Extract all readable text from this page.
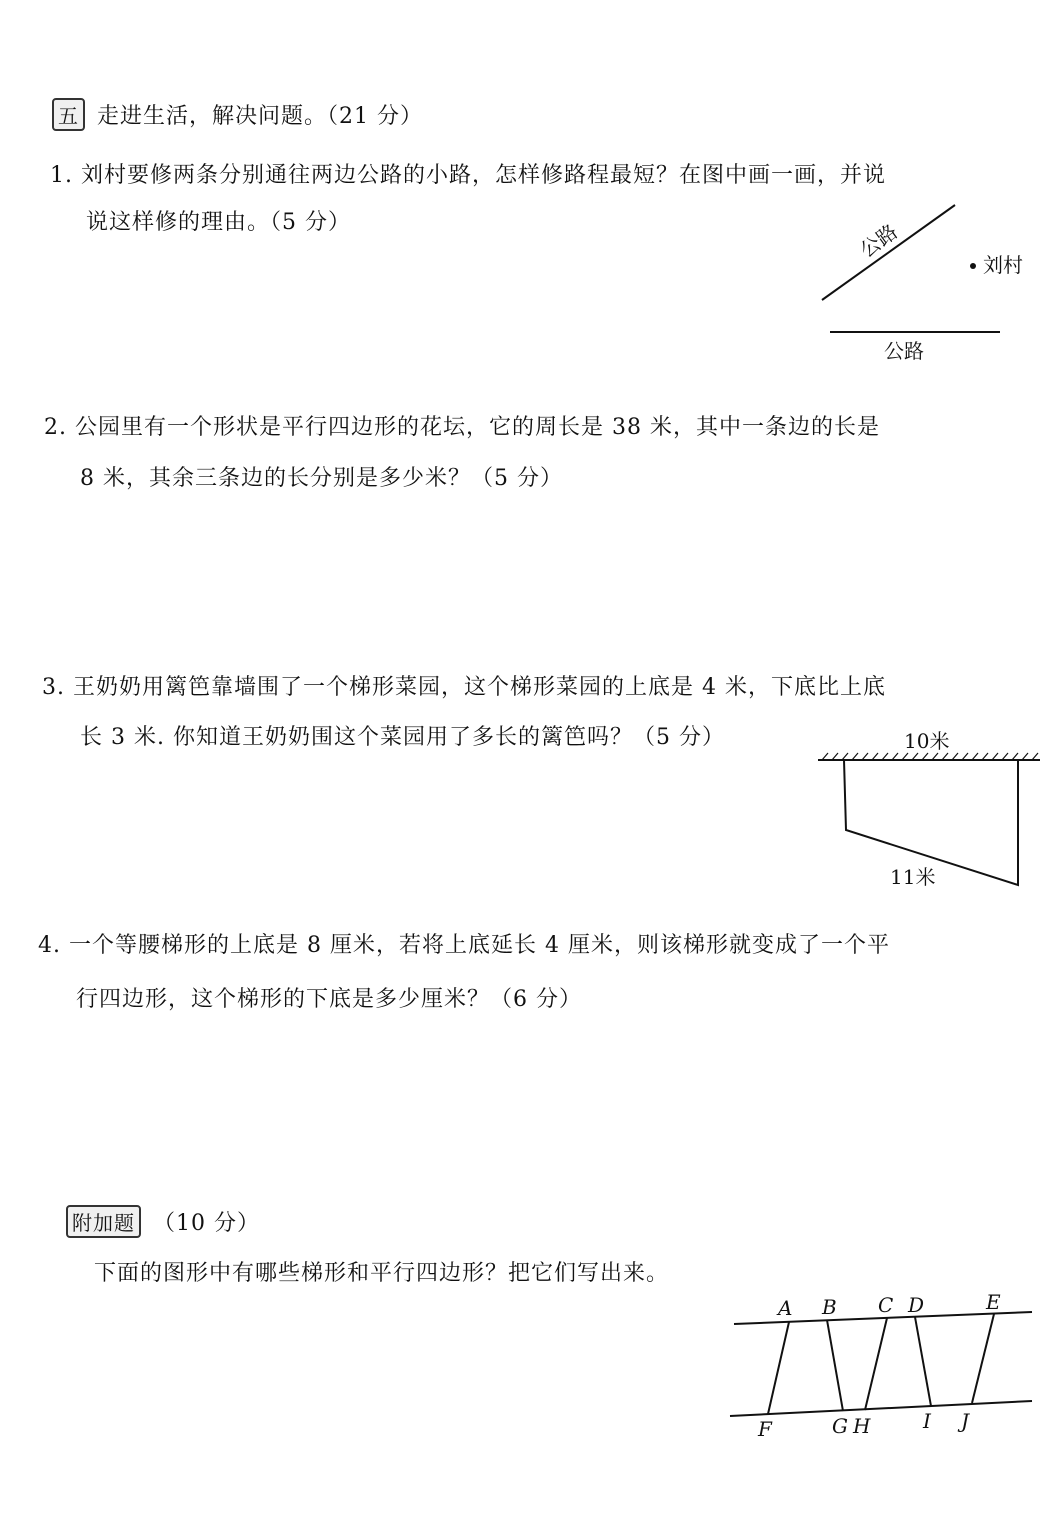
五 走进生活，解决问题。（21 分）
1. 刘村要修两条分别通往两边公路的小路，怎样修路程最短？在图中画一画，并说
说这样修的理由。（5 分）	公路
刘村
公路
2. 公园里有一个形状是平行四边形的花坛，它的周长是 38 米，其中一条边的长是
8 米，其余三条边的长分别是多少米？（5 分）
3. 王奶奶用篱笆靠墙围了一个梯形菜园，这个梯形菜园的上底是 4 米，下底比上底
长 3 米. 你知道王奶奶围这个菜园用了多长的篱笆吗？（5 分）	10米
11米
4. 一个等腰梯形的上底是 8 厘米，若将上底延长 4 厘米，则该梯形就变成了一个平
行四边形，这个梯形的下底是多少厘米？（6 分）
附加题 （10 分）
下面的图形中有哪些梯形和平行四边形？把它们写出来。
A B C D	E
F	G H	I J
